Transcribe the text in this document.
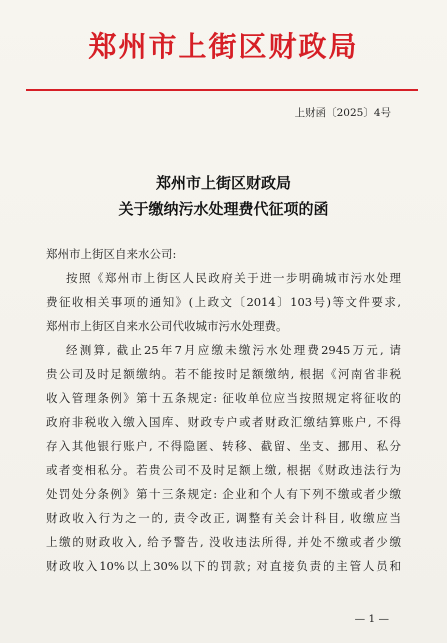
郑州市上街区财政局
上财函〔2025〕4号
郑州市上街区财政局
关于缴纳污水处理费代征项的函
郑州市上街区自来水公司:
按照《郑州市上街区人民政府关于进一步明确城市污水处理
费征收相关事项的通知》(上政文〔2014〕103号)等文件要求,
郑州市上街区自来水公司代收城市污水处理费。
经测算, 截止25年7月应缴未缴污水处理费2945万元, 请
贵公司及时足额缴纳。若不能按时足额缴纳, 根据《河南省非税
收入管理条例》第十五条规定: 征收单位应当按照规定将征收的
政府非税收入缴入国库、财政专户或者财政汇缴结算账户, 不得
存入其他银行账户, 不得隐匿、转移、截留、坐支、挪用、私分
或者变相私分。若贵公司不及时足额上缴, 根据《财政违法行为
处罚处分条例》第十三条规定: 企业和个人有下列不缴或者少缴
财政收入行为之一的, 责令改正, 调整有关会计科目, 收缴应当
上缴的财政收入, 给予警告, 没收违法所得, 并处不缴或者少缴
财政收入10%以上30%以下的罚款; 对直接负责的主管人员和
— 1 —
